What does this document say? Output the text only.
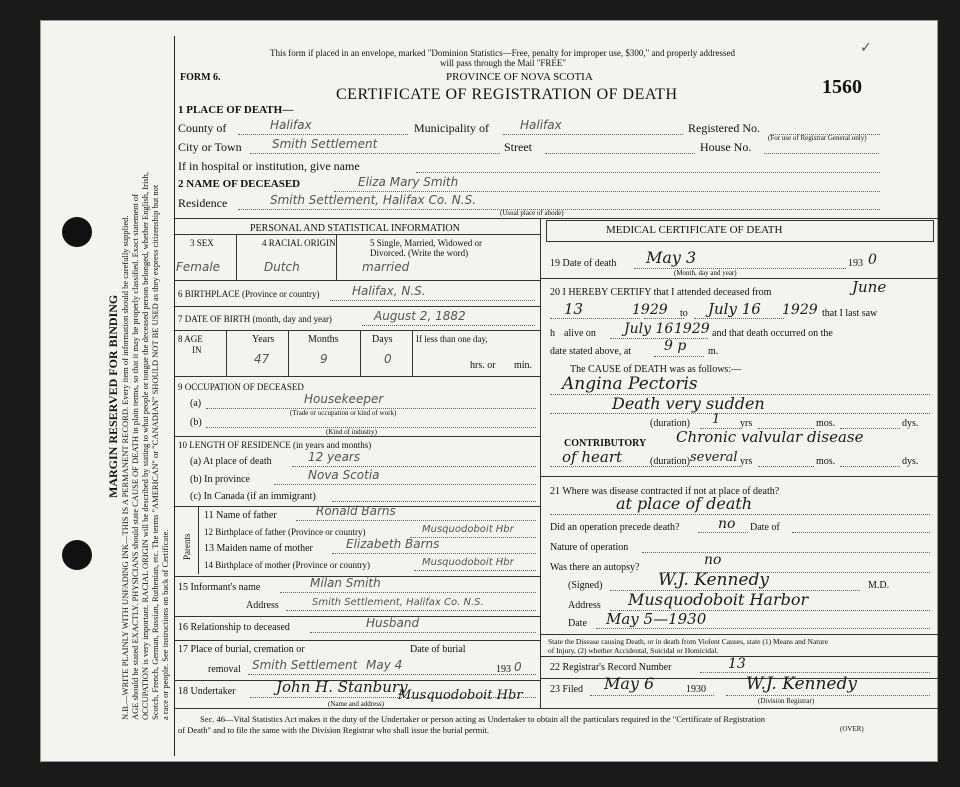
MARGIN RESERVED FOR BINDING N.B.—WRITE PLAINLY WITH UNFADING INK—THIS IS A PERMANENT RECORD. Every item of information should be carefully supplied. AGE should be stated EXACTLY. PHYSICIANS should state CAUSE OF DEATH in plain terms, so that it may be properly classified. Exact statement of OCCUPATION is very important. RACIAL ORIGIN will be described by stating to what people or tongue the deceased person belonged, whether English, Irish, Scotch, French, German, Russian, Ruthenian, etc. The terms "AMERICAN" or "CANADIAN" SHOULD NOT BE USED as they express citizenship but not a race or people. See instructions on back of Certificate.
This form if placed in an envelope, marked "Dominion Statistics—Free, penalty for improper use, $300," and properly addressed
will pass through the Mail "FREE"
FORM 6.	PROVINCE OF NOVA SCOTIA
CERTIFICATE OF REGISTRATION OF DEATH	1560
✓
1 PLACE OF DEATH—
County of	Halifax	Municipality of	Halifax	Registered No.
(For use of Registrar General only)
City or Town	Smith Settlement	Street	House No.
If in hospital or institution, give name
2 NAME OF DECEASED	Eliza Mary Smith
Residence	Smith Settlement, Halifax Co. N.S.
(Usual place of abode)
PERSONAL AND STATISTICAL INFORMATION
3 SEX	4 RACIAL ORIGIN	5 Single, Married, Widowed or
Divorced. (Write the word)
Female	Dutch	married
6 BIRTHPLACE (Province or country)	Halifax, N.S.
7 DATE OF BIRTH (month, day and year)	August 2, 1882
8 AGE
IN
Years	Months	Days	If less than one day,
47	9	0	hrs. or min.
9 OCCUPATION OF DECEASED
(a)	Housekeeper
(Trade or occupation or kind of work)
(b)
(Kind of industry)
10 LENGTH OF RESIDENCE (in years and months)
(a) At place of death	12 years
(b) In province	Nova Scotia
(c) In Canada (if an immigrant)
Parents
11 Name of father	Ronald Barns
12 Birthplace of father (Province or country)	Musquodoboit Hbr
13 Maiden name of mother	Elizabeth Barns
14 Birthplace of mother (Province or country)	Musquodoboit Hbr
15 Informant's name	Milan Smith
Address	Smith Settlement, Halifax Co. N.S.
16 Relationship to deceased	Husband
17 Place of burial, cremation or	Date of burial
removal Smith Settlement May 4	193 0
18 Undertaker	John H. Stanbury
Musquodoboit Hbr
(Name and address)
MEDICAL CERTIFICATE OF DEATH
19 Date of death May 3
(Month, day and year)
193 0
20 I HEREBY CERTIFY that I attended deceased from	June
13	1929 to July 16 1929 that I last saw
h alive on July 16 1929 and that death occurred on the
date stated above, at 9 p m.
The CAUSE of DEATH was as follows:—
Angina Pectoris
Death very sudden
(duration) 1 yrs	mos.	dys.
CONTRIBUTORY Chronic valvular disease
of heart	(duration) several yrs	mos.	dys.
21 Where was disease contracted if not at place of death?
at place of death
Did an operation precede death?	no Date of
Nature of operation
Was there an autopsy?	no
(Signed)	W.J. Kennedy	M.D.
Address Musquodoboit Harbor
Date May 5—1930
State the Disease causing Death, or in death from Violent Causes, state (1) Means and Nature
of Injury, (2) whether Accidental, Suicidal or Homicidal.
22 Registrar's Record Number	13
23 Filed May 6	1930 W.J. Kennedy
(Division Registrar)
Sec. 46—Vital Statistics Act makes it the duty of the Undertaker or person acting as Undertaker to obtain all the particulars required in the "Certificate of Registration
of Death" and to file the same with the Division Registrar who shall issue the burial permit.	(OVER)
